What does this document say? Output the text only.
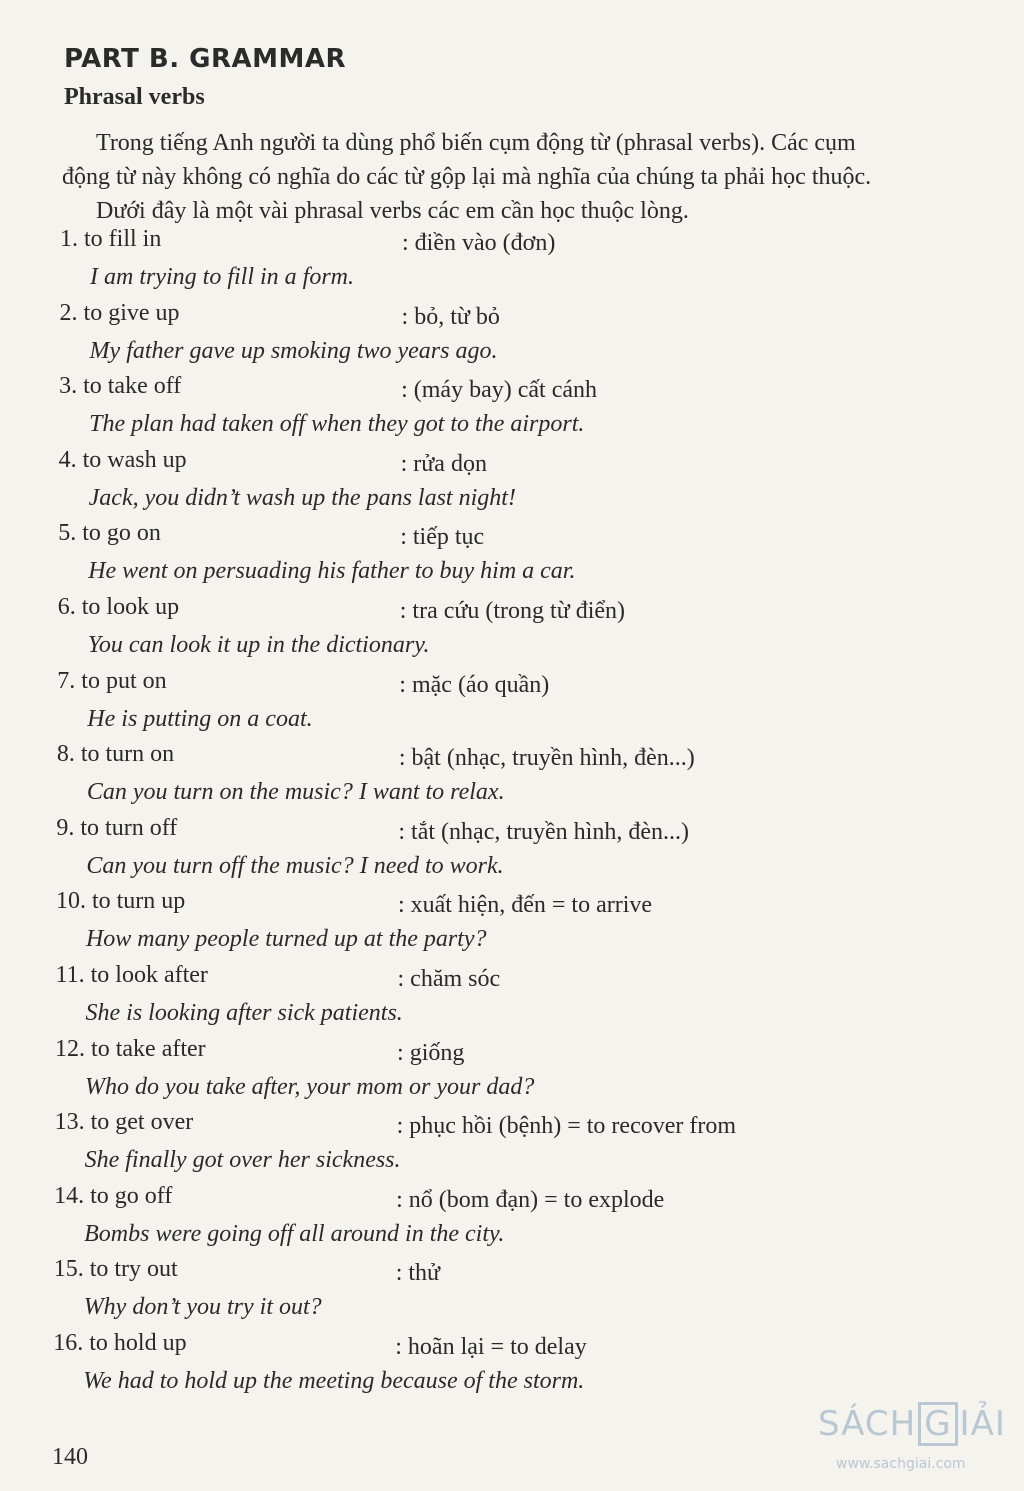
PART B. GRAMMAR
Phrasal verbs
Trong tiếng Anh người ta dùng phổ biến cụm động từ (phrasal verbs). Các cụm
động từ này không có nghĩa do các từ gộp lại mà nghĩa của chúng ta phải học thuộc.
Dưới đây là một vài phrasal verbs các em cần học thuộc lòng.
1. to fill in	: điền vào (đơn)
I am trying to fill in a form.
2. to give up	: bỏ, từ bỏ
My father gave up smoking two years ago.
3. to take off	: (máy bay) cất cánh
The plan had taken off when they got to the airport.
4. to wash up	: rửa dọn
Jack, you didn’t wash up the pans last night!
5. to go on	: tiếp tục
He went on persuading his father to buy him a car.
6. to look up	: tra cứu (trong từ điển)
You can look it up in the dictionary.
7. to put on	: mặc (áo quần)
He is putting on a coat.
8. to turn on	: bật (nhạc, truyền hình, đèn...)
Can you turn on the music? I want to relax.
9. to turn off	: tắt (nhạc, truyền hình, đèn...)
Can you turn off the music? I need to work.
10. to turn up	: xuất hiện, đến = to arrive
How many people turned up at the party?
11. to look after	: chăm sóc
She is looking after sick patients.
12. to take after	: giống
Who do you take after, your mom or your dad?
13. to get over	: phục hồi (bệnh) = to recover from
She finally got over her sickness.
14. to go off	: nổ (bom đạn) = to explode
Bombs were going off all around in the city.
15. to try out	: thử
Why don’t you try it out?
16. to hold up	: hoãn lại = to delay
We had to hold up the meeting because of the storm.
140
SÁCH G IẢI
www.sachgiai.com
